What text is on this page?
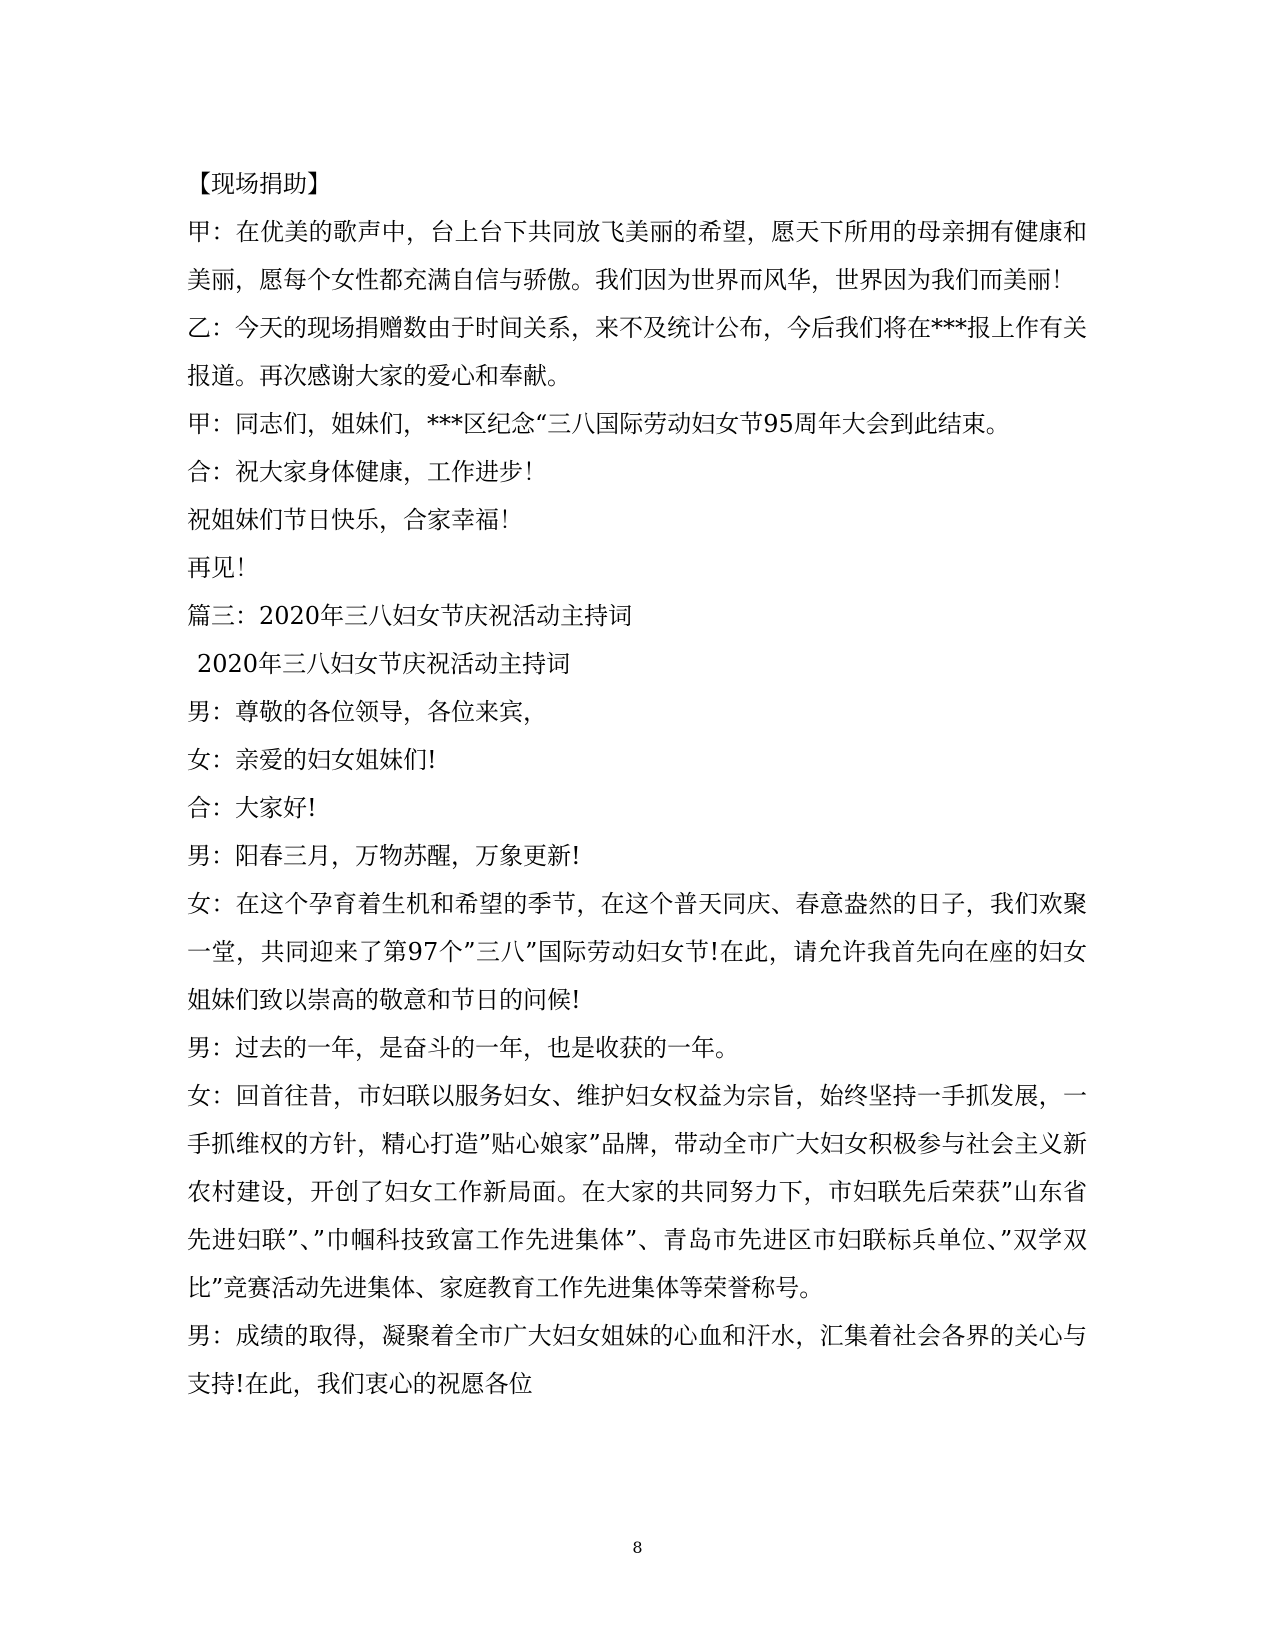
【现场捐助】

甲：在优美的歌声中，台上台下共同放飞美丽的希望，愿天下所用的母亲拥有健康和美丽，愿每个女性都充满自信与骄傲。我们因为世界而风华，世界因为我们而美丽！

乙：今天的现场捐赠数由于时间关系，来不及统计公布，今后我们将在***报上作有关报道。再次感谢大家的爱心和奉献。

甲：同志们，姐妹们，***区纪念“三八国际劳动妇女节95周年大会到此结束。

合：祝大家身体健康，工作进步！

祝姐妹们节日快乐，合家幸福！

再见！

篇三：2020年三八妇女节庆祝活动主持词

2020年三八妇女节庆祝活动主持词

男：尊敬的各位领导，各位来宾，

女：亲爱的妇女姐妹们!

合：大家好!

男：阳春三月，万物苏醒，万象更新!

女：在这个孕育着生机和希望的季节，在这个普天同庆、春意盎然的日子，我们欢聚一堂，共同迎来了第97个”三八”国际劳动妇女节!在此，请允许我首先向在座的妇女姐妹们致以崇高的敬意和节日的问候!

男：过去的一年，是奋斗的一年，也是收获的一年。

女：回首往昔，市妇联以服务妇女、维护妇女权益为宗旨，始终坚持一手抓发展，一手抓维权的方针，精心打造”贴心娘家”品牌，带动全市广大妇女积极参与社会主义新农村建设，开创了妇女工作新局面。在大家的共同努力下，市妇联先后荣获”山东省先进妇联”、”巾帼科技致富工作先进集体”、青岛市先进区市妇联标兵单位、”双学双比”竞赛活动先进集体、家庭教育工作先进集体等荣誉称号。

男：成绩的取得，凝聚着全市广大妇女姐妹的心血和汗水，汇集着社会各界的关心与支持!在此，我们衷心的祝愿各位

8
